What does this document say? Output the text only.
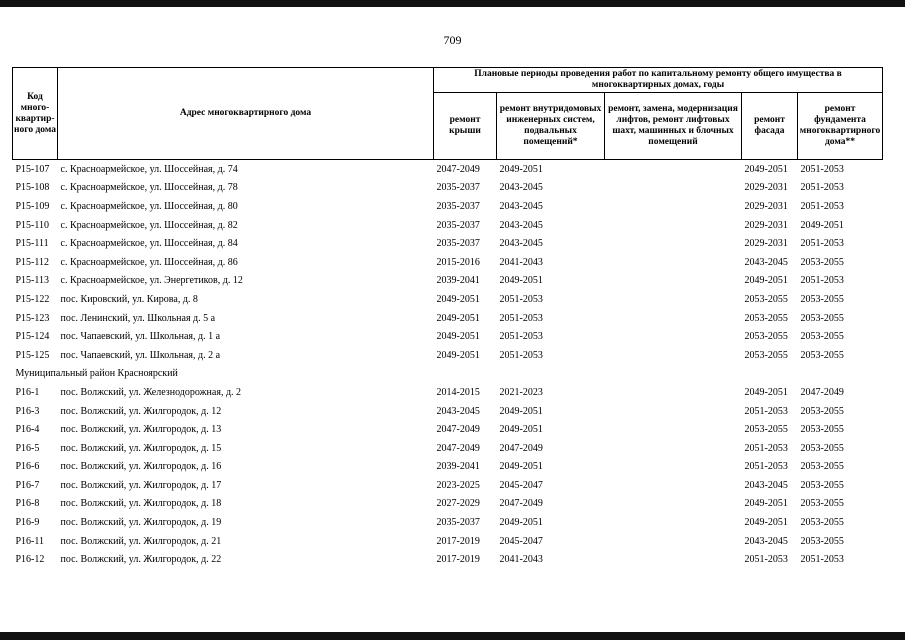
709
Код много-квартир-ного дома	Адрес многоквартирного дома	Плановые периоды проведения работ по капитальному ремонту общего имущества в многоквартирных домах, годы				
		ремонт крыши	ремонт внутридомовых инженерных систем, подвальных помещений*	ремонт, замена, модернизация лифтов, ремонт лифтовых шахт, машинных и блочных помещений	ремонт фасада	ремонт фундамента многоквартирного дома**
P15-107	с. Красноармейское, ул. Шоссейная, д. 74	2047-2049	2049-2051		2049-2051	2051-2053
P15-108	с. Красноармейское, ул. Шоссейная, д. 78	2035-2037	2043-2045		2029-2031	2051-2053
P15-109	с. Красноармейское, ул. Шоссейная, д. 80	2035-2037	2043-2045		2029-2031	2051-2053
P15-110	с. Красноармейское, ул. Шоссейная, д. 82	2035-2037	2043-2045		2029-2031	2049-2051
P15-111	с. Красноармейское, ул. Шоссейная, д. 84	2035-2037	2043-2045		2029-2031	2051-2053
P15-112	с. Красноармейское, ул. Шоссейная, д. 86	2015-2016	2041-2043		2043-2045	2053-2055
P15-113	с. Красноармейское, ул. Энергетиков, д. 12	2039-2041	2049-2051		2049-2051	2051-2053
P15-122	пос. Кировский, ул. Кирова, д. 8	2049-2051	2051-2053		2053-2055	2053-2055
P15-123	пос. Ленинский, ул. Школьная д. 5 а	2049-2051	2051-2053		2053-2055	2053-2055
P15-124	пос. Чапаевский, ул. Школьная, д. 1 а	2049-2051	2051-2053		2053-2055	2053-2055
P15-125	пос. Чапаевский, ул. Школьная, д. 2 а	2049-2051	2051-2053		2053-2055	2053-2055
Муниципальный район Красноярский						
P16-1	пос. Волжский, ул. Железнодорожная, д. 2	2014-2015	2021-2023		2049-2051	2047-2049
P16-3	пос. Волжский, ул. Жилгородок, д. 12	2043-2045	2049-2051		2051-2053	2053-2055
P16-4	пос. Волжский, ул. Жилгородок, д. 13	2047-2049	2049-2051		2053-2055	2053-2055
P16-5	пос. Волжский, ул. Жилгородок, д. 15	2047-2049	2047-2049		2051-2053	2053-2055
P16-6	пос. Волжский, ул. Жилгородок, д. 16	2039-2041	2049-2051		2051-2053	2053-2055
P16-7	пос. Волжский, ул. Жилгородок, д. 17	2023-2025	2045-2047		2043-2045	2053-2055
P16-8	пос. Волжский, ул. Жилгородок, д. 18	2027-2029	2047-2049		2049-2051	2053-2055
P16-9	пос. Волжский, ул. Жилгородок, д. 19	2035-2037	2049-2051		2049-2051	2053-2055
P16-11	пос. Волжский, ул. Жилгородок, д. 21	2017-2019	2045-2047		2043-2045	2053-2055
P16-12	пос. Волжский, ул. Жилгородок, д. 22	2017-2019	2041-2043		2051-2053	2051-2053
